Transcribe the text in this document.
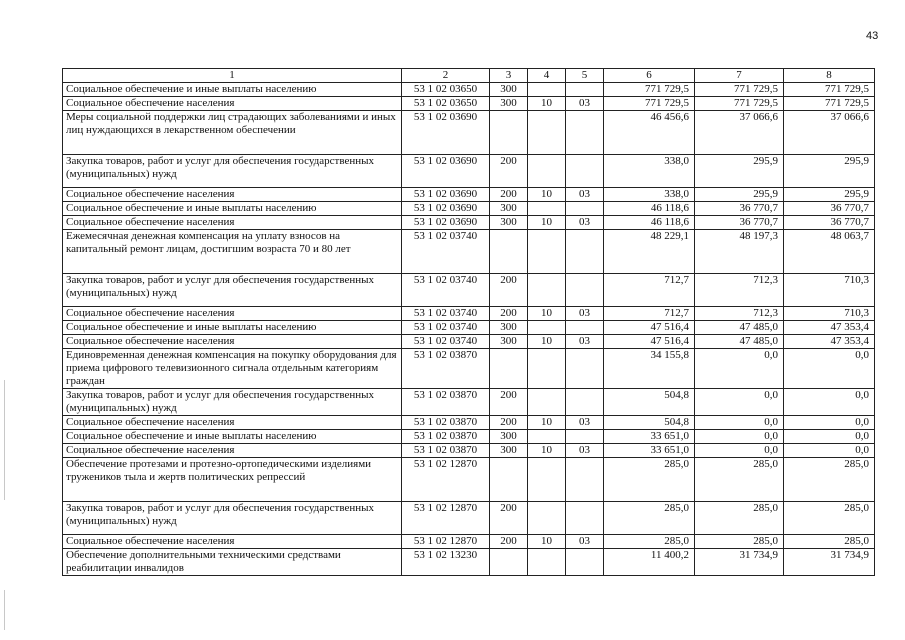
43
1	2	3	4	5	6	7	8
Социальное обеспечение и иные выплаты населению	53 1 02 03650	300			771 729,5	771 729,5	771 729,5
Социальное обеспечение населения	53 1 02 03650	300	10	03	771 729,5	771 729,5	771 729,5
Меры социальной поддержки лиц страдающих заболеваниями и иных лиц нуждающихся в лекарственном обеспечении	53 1 02 03690				46 456,6	37 066,6	37 066,6
Закупка товаров, работ и услуг для обеспечения государственных (муниципальных) нужд	53 1 02 03690	200			338,0	295,9	295,9
Социальное обеспечение населения	53 1 02 03690	200	10	03	338,0	295,9	295,9
Социальное обеспечение и иные выплаты населению	53 1 02 03690	300			46 118,6	36 770,7	36 770,7
Социальное обеспечение населения	53 1 02 03690	300	10	03	46 118,6	36 770,7	36 770,7
Ежемесячная денежная компенсация на уплату взносов на капитальный ремонт лицам, достигшим возраста 70 и 80 лет	53 1 02 03740				48 229,1	48 197,3	48 063,7
Закупка товаров, работ и услуг для обеспечения государственных (муниципальных) нужд	53 1 02 03740	200			712,7	712,3	710,3
Социальное обеспечение населения	53 1 02 03740	200	10	03	712,7	712,3	710,3
Социальное обеспечение и иные выплаты населению	53 1 02 03740	300			47 516,4	47 485,0	47 353,4
Социальное обеспечение населения	53 1 02 03740	300	10	03	47 516,4	47 485,0	47 353,4
Единовременная денежная компенсация на покупку оборудования для приема цифрового телевизионного сигнала отдельным категориям граждан	53 1 02 03870				34 155,8	0,0	0,0
Закупка товаров, работ и услуг для обеспечения государственных (муниципальных) нужд	53 1 02 03870	200			504,8	0,0	0,0
Социальное обеспечение населения	53 1 02 03870	200	10	03	504,8	0,0	0,0
Социальное обеспечение и иные выплаты населению	53 1 02 03870	300			33 651,0	0,0	0,0
Социальное обеспечение населения	53 1 02 03870	300	10	03	33 651,0	0,0	0,0
Обеспечение протезами и протезно-ортопедическими изделиями тружеников тыла и жертв политических репрессий	53 1 02 12870				285,0	285,0	285,0
Закупка товаров, работ и услуг для обеспечения государственных (муниципальных) нужд	53 1 02 12870	200			285,0	285,0	285,0
Социальное обеспечение населения	53 1 02 12870	200	10	03	285,0	285,0	285,0
Обеспечение дополнительными техническими средствами реабилитации инвалидов	53 1 02 13230				11 400,2	31 734,9	31 734,9
